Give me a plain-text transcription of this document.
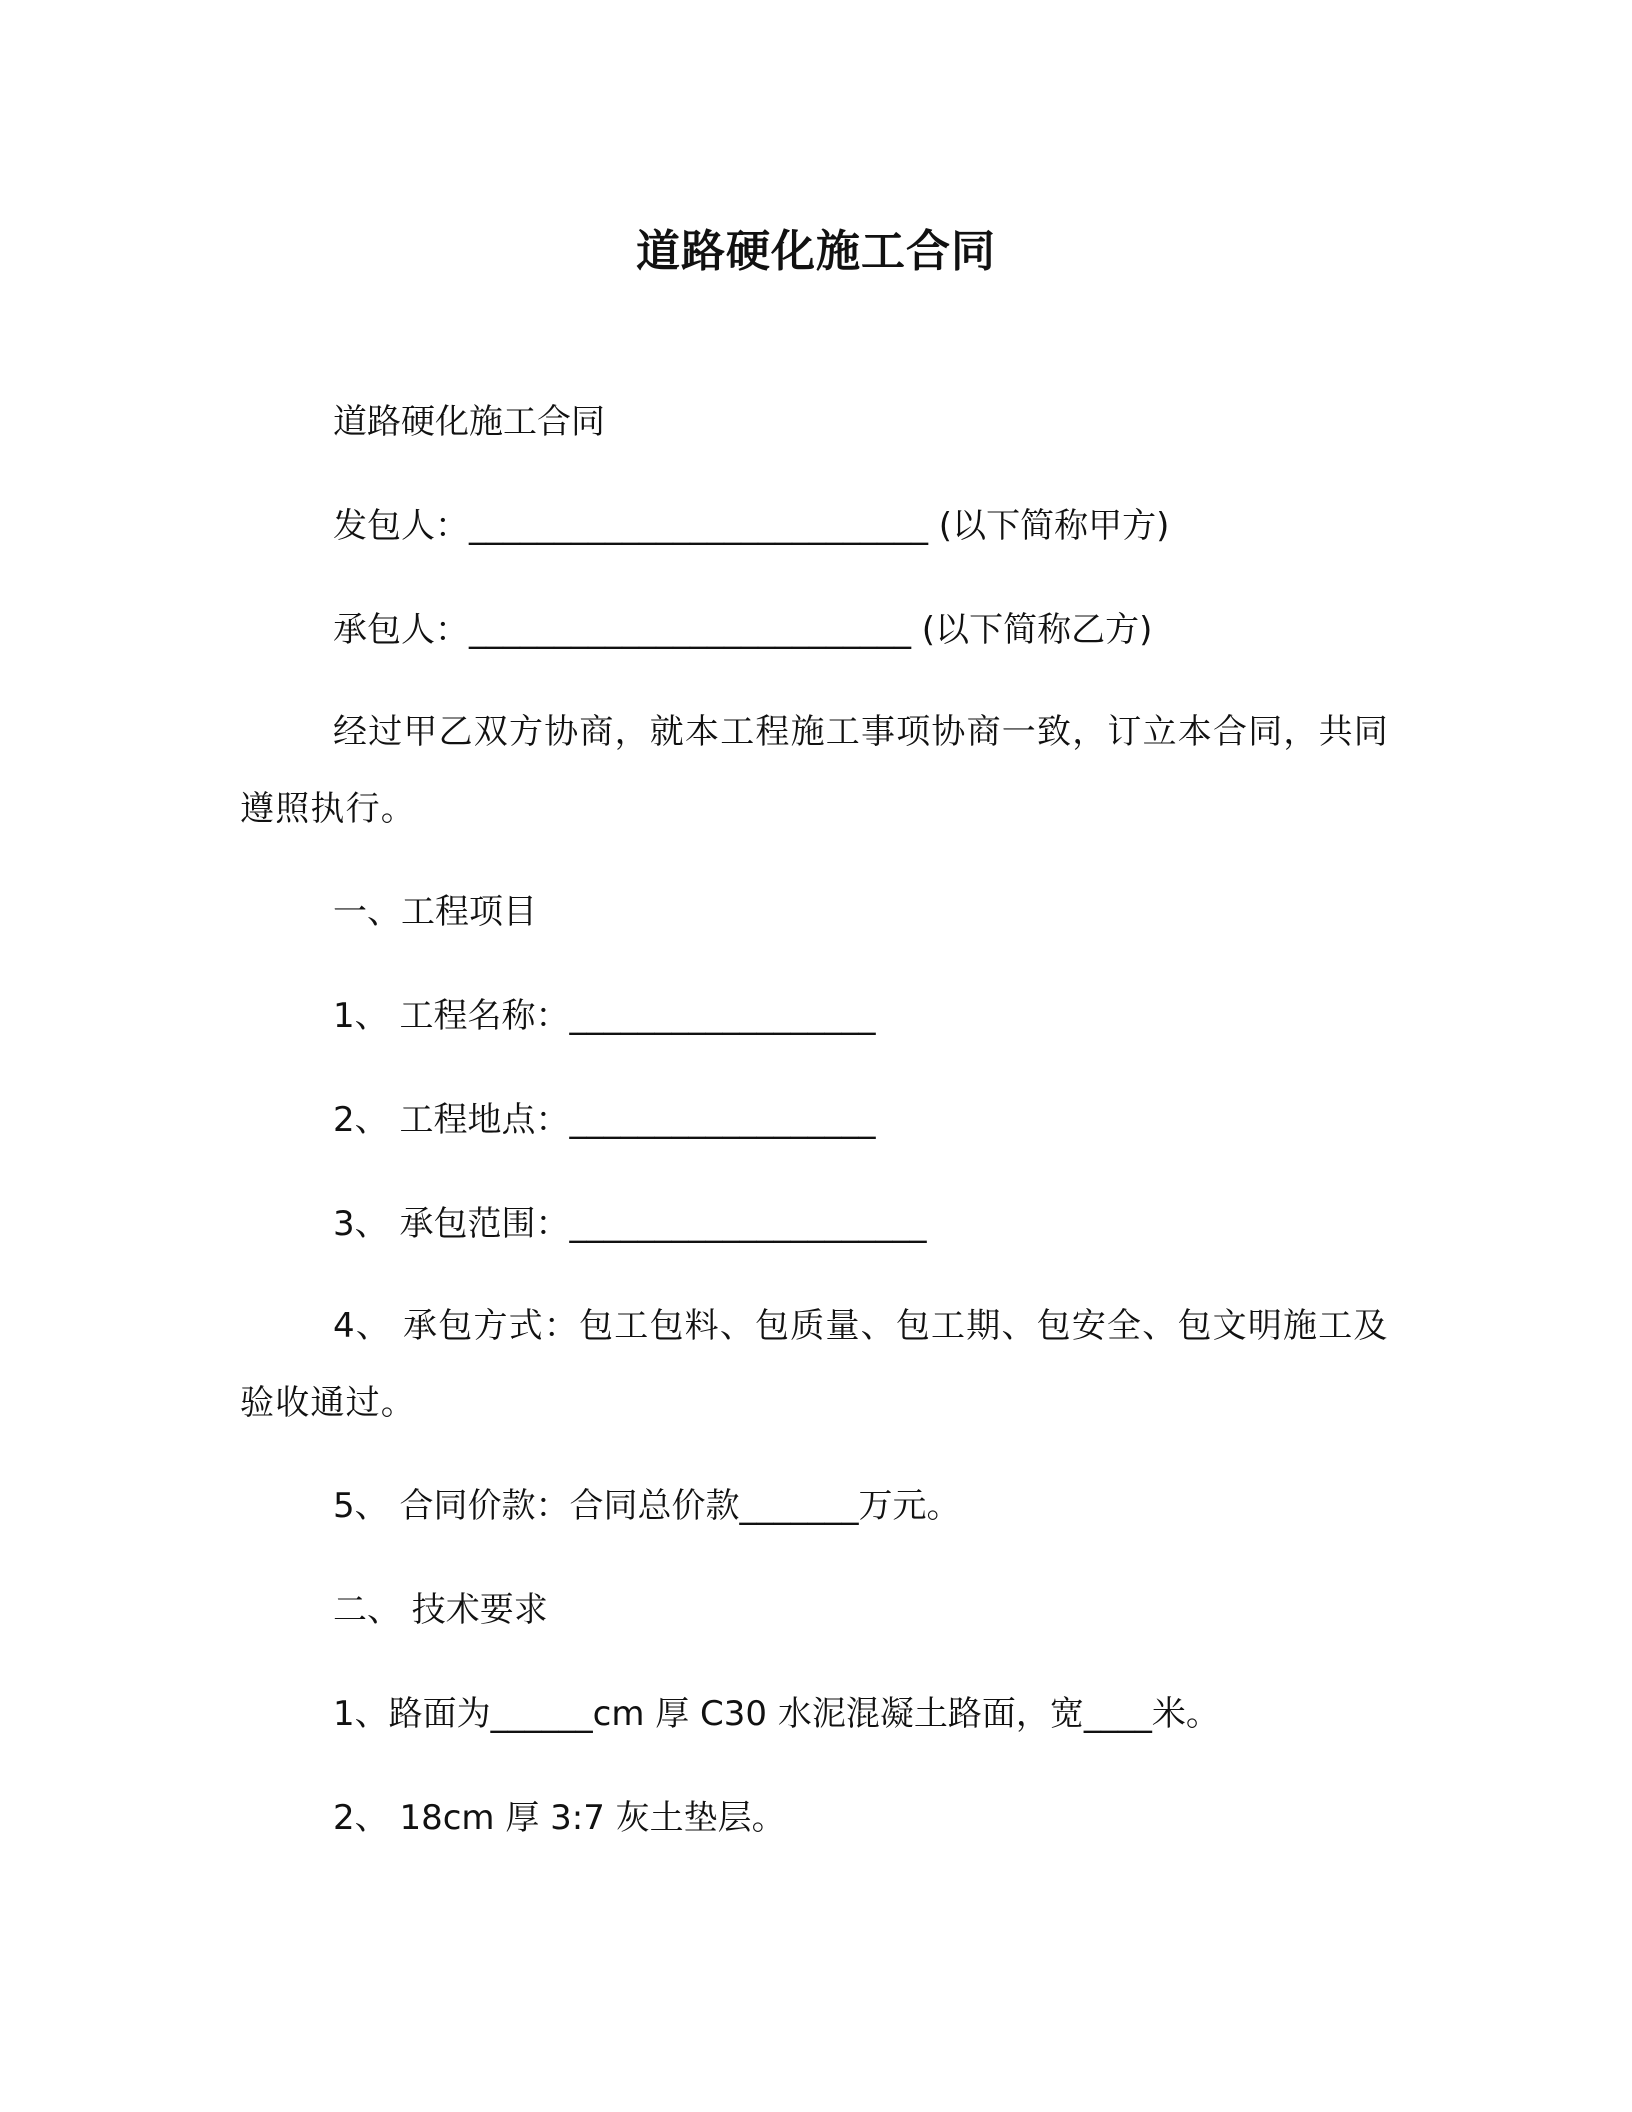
道路硬化施工合同
道路硬化施工合同
发包人：___________________________ (以下简称甲方)
承包人：__________________________ (以下简称乙方)
经过甲乙双方协商，就本工程施工事项协商一致，订立本合同，共同遵照执行。
一、工程项目
1、 工程名称：__________________
2、 工程地点：__________________
3、 承包范围：_____________________
4、 承包方式：包工包料、包质量、包工期、包安全、包文明施工及验收通过。
5、 合同价款：合同总价款_______万元。
二、 技术要求
1、路面为______cm 厚 C30 水泥混凝土路面，宽____米。
2、 18cm 厚 3:7 灰土垫层。
